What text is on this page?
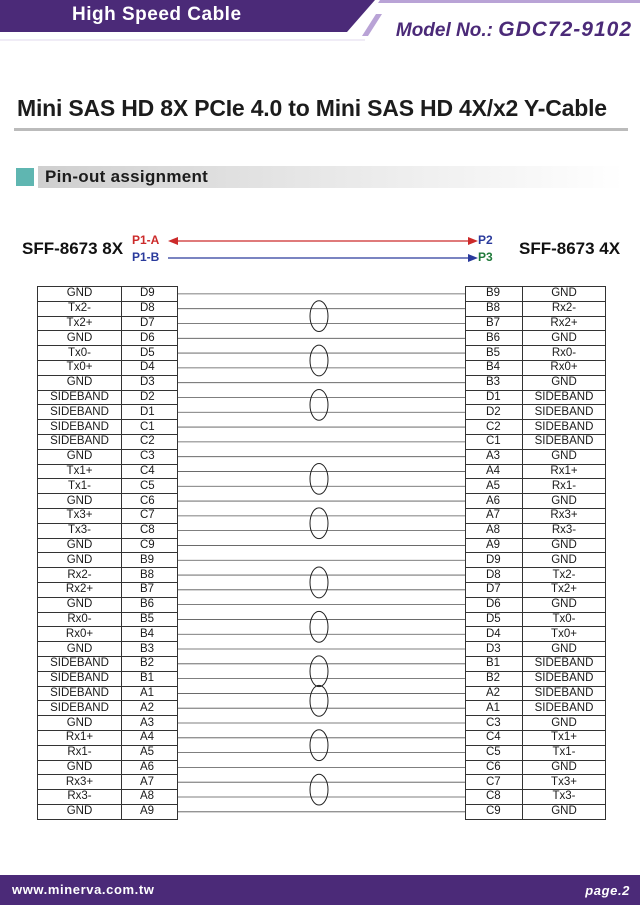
High Speed Cable
Model No.: GDC72-9102
Mini SAS HD 8X PCIe 4.0 to Mini SAS HD 4X/x2 Y-Cable
Pin-out assignment
SFF-8673 8X	SFF-8673 4X
P1-A
P1-B
P2
P3
GND	D9
Tx2-	D8
Tx2+	D7
GND	D6
Tx0-	D5
Tx0+	D4
GND	D3
SIDEBAND	D2
SIDEBAND	D1
SIDEBAND	C1
SIDEBAND	C2
GND	C3
Tx1+	C4
Tx1-	C5
GND	C6
Tx3+	C7
Tx3-	C8
GND	C9
GND	B9
Rx2-	B8
Rx2+	B7
GND	B6
Rx0-	B5
Rx0+	B4
GND	B3
SIDEBAND	B2
SIDEBAND	B1
SIDEBAND	A1
SIDEBAND	A2
GND	A3
Rx1+	A4
Rx1-	A5
GND	A6
Rx3+	A7
Rx3-	A8
GND	A9
B9	GND
B8	Rx2-
B7	Rx2+
B6	GND
B5	Rx0-
B4	Rx0+
B3	GND
D1	SIDEBAND
D2	SIDEBAND
C2	SIDEBAND
C1	SIDEBAND
A3	GND
A4	Rx1+
A5	Rx1-
A6	GND
A7	Rx3+
A8	Rx3-
A9	GND
D9	GND
D8	Tx2-
D7	Tx2+
D6	GND
D5	Tx0-
D4	Tx0+
D3	GND
B1	SIDEBAND
B2	SIDEBAND
A2	SIDEBAND
A1	SIDEBAND
C3	GND
C4	Tx1+
C5	Tx1-
C6	GND
C7	Tx3+
C8	Tx3-
C9	GND
www.minerva.com.tw	page.2
